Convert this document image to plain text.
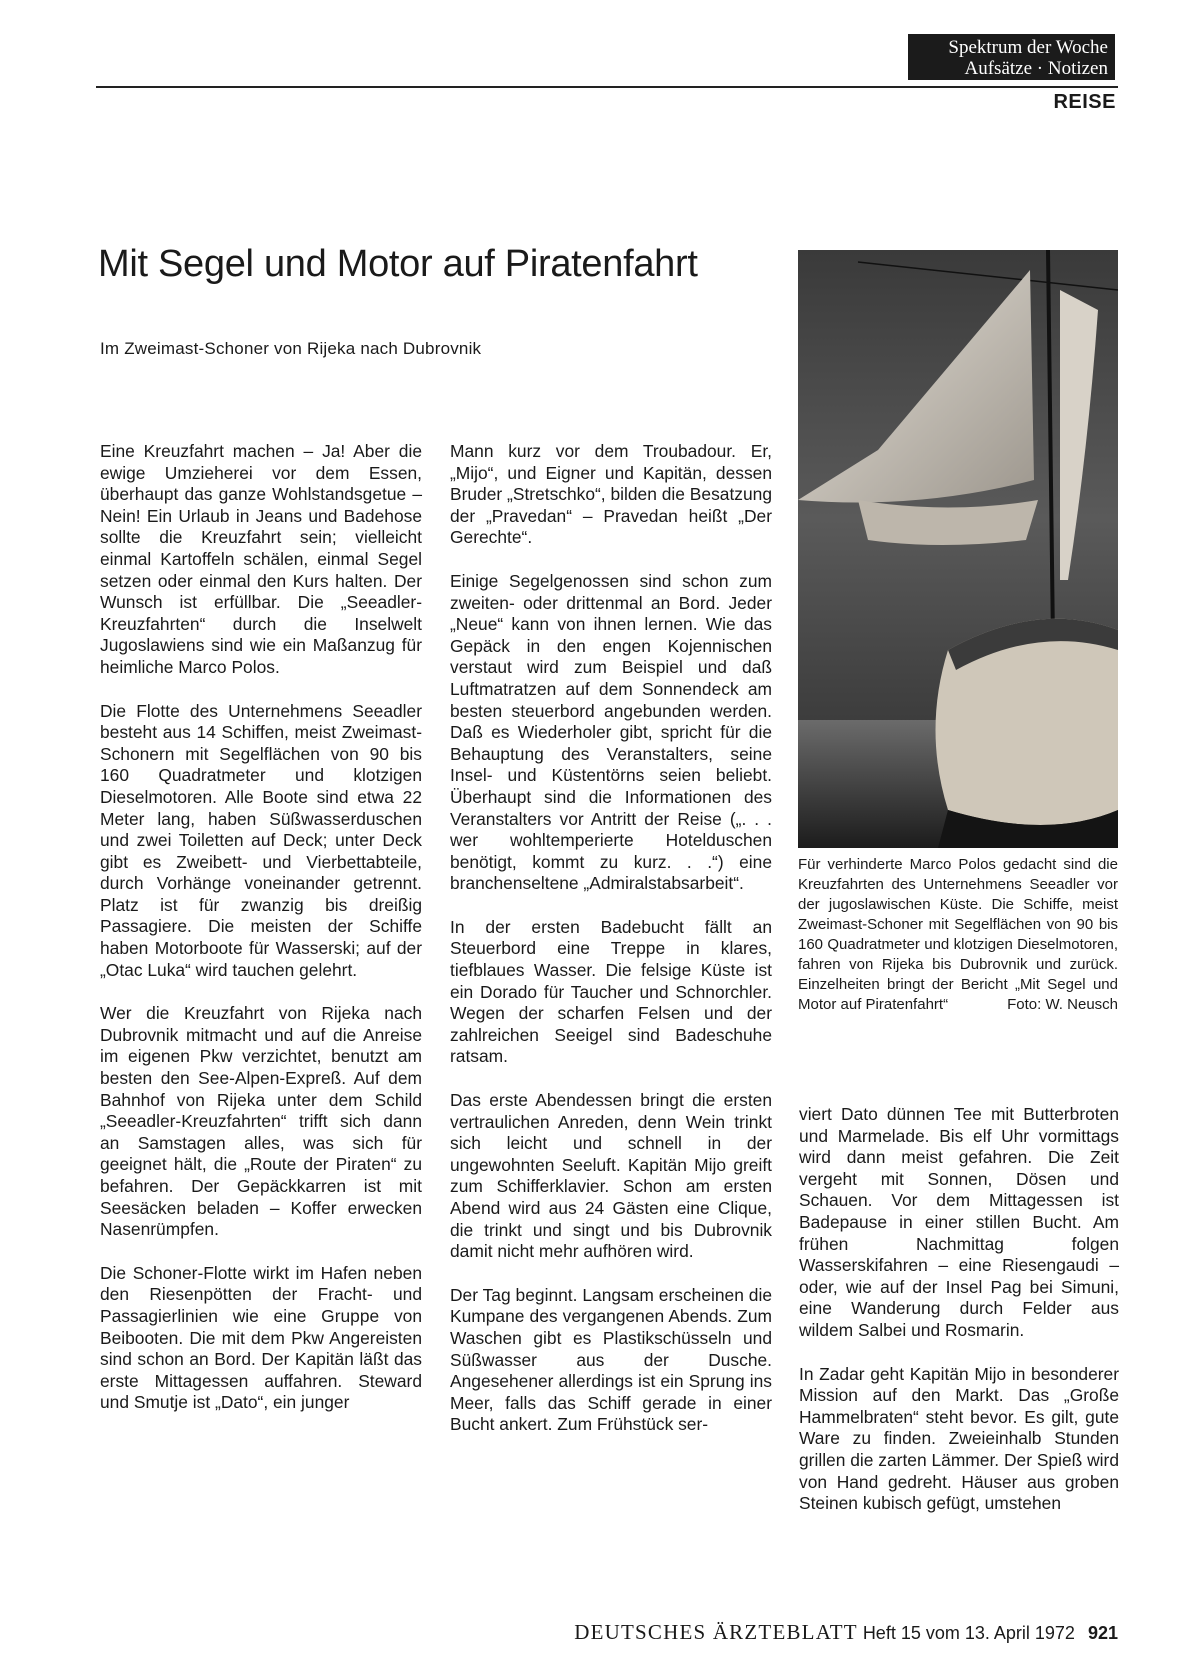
Spektrum der Woche
Aufsätze · Notizen
REISE
Mit Segel und Motor auf Piratenfahrt
Im Zweimast-Schoner von Rijeka nach Dubrovnik

Eine Kreuzfahrt machen – Ja! Aber die ewige Umzieherei vor dem Essen, überhaupt das ganze Wohlstandsgetue – Nein! Ein Urlaub in Jeans und Badehose sollte die Kreuzfahrt sein; vielleicht einmal Kartoffeln schälen, einmal Segel setzen oder einmal den Kurs halten. Der Wunsch ist erfüllbar. Die „Seeadler-Kreuzfahrten“ durch die Inselwelt Jugoslawiens sind wie ein Maßanzug für heimliche Marco Polos.

Die Flotte des Unternehmens Seeadler besteht aus 14 Schiffen, meist Zweimast-Schonern mit Segelflächen von 90 bis 160 Quadratmeter und klotzigen Dieselmotoren. Alle Boote sind etwa 22 Meter lang, haben Süßwasserduschen und zwei Toiletten auf Deck; unter Deck gibt es Zweibett- und Vierbettabteile, durch Vorhänge voneinander getrennt. Platz ist für zwanzig bis dreißig Passagiere. Die meisten der Schiffe haben Motorboote für Wasserski; auf der „Otac Luka“ wird tauchen gelehrt.

Wer die Kreuzfahrt von Rijeka nach Dubrovnik mitmacht und auf die Anreise im eigenen Pkw verzichtet, benutzt am besten den See-Alpen-Expreß. Auf dem Bahnhof von Rijeka unter dem Schild „Seeadler-Kreuzfahrten“ trifft sich dann an Samstagen alles, was sich für geeignet hält, die „Route der Piraten“ zu befahren. Der Gepäckkarren ist mit Seesäcken beladen – Koffer erwecken Nasenrümpfen.

Die Schoner-Flotte wirkt im Hafen neben den Riesenpötten der Fracht- und Passagierlinien wie eine Gruppe von Beibooten. Die mit dem Pkw Angereisten sind schon an Bord. Der Kapitän läßt das erste Mittagessen auffahren. Steward und Smutje ist „Dato“, ein junger

Mann kurz vor dem Troubadour. Er, „Mijo“, und Eigner und Kapitän, dessen Bruder „Stretschko“, bilden die Besatzung der „Pravedan“ – Pravedan heißt „Der Gerechte“.

Einige Segelgenossen sind schon zum zweiten- oder drittenmal an Bord. Jeder „Neue“ kann von ihnen lernen. Wie das Gepäck in den engen Kojennischen verstaut wird zum Beispiel und daß Luftmatratzen auf dem Sonnendeck am besten steuerbord angebunden werden. Daß es Wiederholer gibt, spricht für die Behauptung des Veranstalters, seine Insel- und Küstentörns seien beliebt. Überhaupt sind die Informationen des Veranstalters vor Antritt der Reise („. . . wer wohltemperierte Hotelduschen benötigt, kommt zu kurz. . .“) eine branchenseltene „Admiralstabsarbeit“.

In der ersten Badebucht fällt an Steuerbord eine Treppe in klares, tiefblaues Wasser. Die felsige Küste ist ein Dorado für Taucher und Schnorchler. Wegen der scharfen Felsen und der zahlreichen Seeigel sind Badeschuhe ratsam.

Das erste Abendessen bringt die ersten vertraulichen Anreden, denn Wein trinkt sich leicht und schnell in der ungewohnten Seeluft. Kapitän Mijo greift zum Schifferklavier. Schon am ersten Abend wird aus 24 Gästen eine Clique, die trinkt und singt und bis Dubrovnik damit nicht mehr aufhören wird.

Der Tag beginnt. Langsam erscheinen die Kumpane des vergangenen Abends. Zum Waschen gibt es Plastikschüsseln und Süßwasser aus der Dusche. Angesehener allerdings ist ein Sprung ins Meer, falls das Schiff gerade in einer Bucht ankert. Zum Frühstück ser-

Für verhinderte Marco Polos gedacht sind die Kreuzfahrten des Unternehmens Seeadler vor der jugoslawischen Küste. Die Schiffe, meist Zweimast-Schoner mit Segelflächen von 90 bis 160 Quadratmeter und klotzigen Dieselmotoren, fahren von Rijeka bis Dubrovnik und zurück. Einzelheiten bringt der Bericht „Mit Segel und Motor auf Piratenfahrt“	Foto: W. Neusch

viert Dato dünnen Tee mit Butterbroten und Marmelade. Bis elf Uhr vormittags wird dann meist gefahren. Die Zeit vergeht mit Sonnen, Dösen und Schauen. Vor dem Mittagessen ist Badepause in einer stillen Bucht. Am frühen Nachmittag folgen Wasserskifahren – eine Riesengaudi – oder, wie auf der Insel Pag bei Simuni, eine Wanderung durch Felder aus wildem Salbei und Rosmarin.

In Zadar geht Kapitän Mijo in besonderer Mission auf den Markt. Das „Große Hammelbraten“ steht bevor. Es gilt, gute Ware zu finden. Zweieinhalb Stunden grillen die zarten Lämmer. Der Spieß wird von Hand gedreht. Häuser aus groben Steinen kubisch gefügt, umstehen

DEUTSCHES ÄRZTEBLATT Heft 15 vom 13. April 1972 921
